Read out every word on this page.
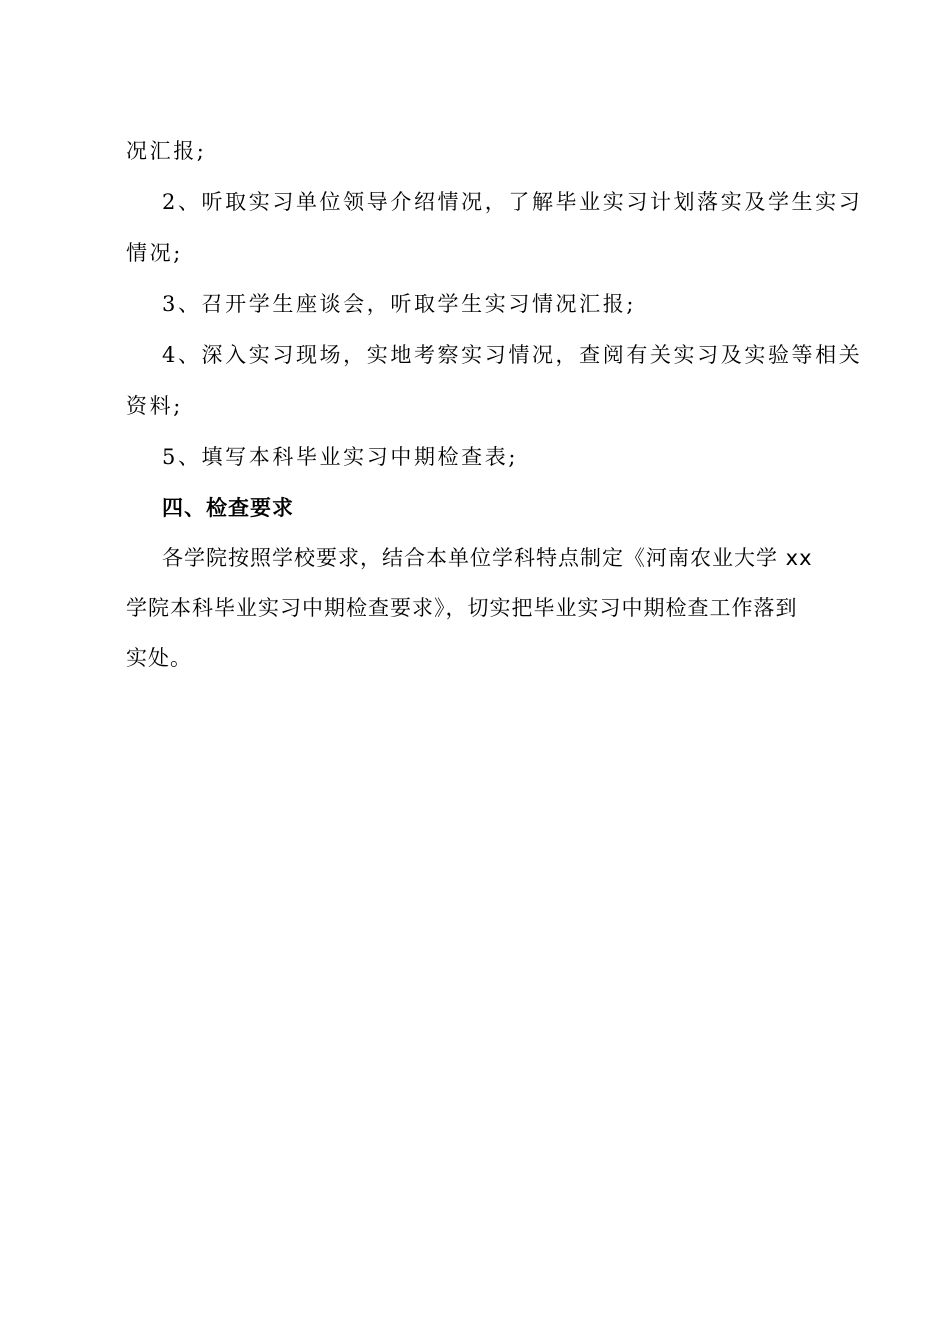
况汇报;

2、听取实习单位领导介绍情况，了解毕业实习计划落实及学生实习

情况;

3、召开学生座谈会，听取学生实习情况汇报;

4、深入实习现场，实地考察实习情况，查阅有关实习及实验等相关

资料;

5、填写本科毕业实习中期检查表;

四、检查要求

各学院按照学校要求，结合本单位学科特点制定《河南农业大学 xx

学院本科毕业实习中期检查要求》，切实把毕业实习中期检查工作落到

实处。
